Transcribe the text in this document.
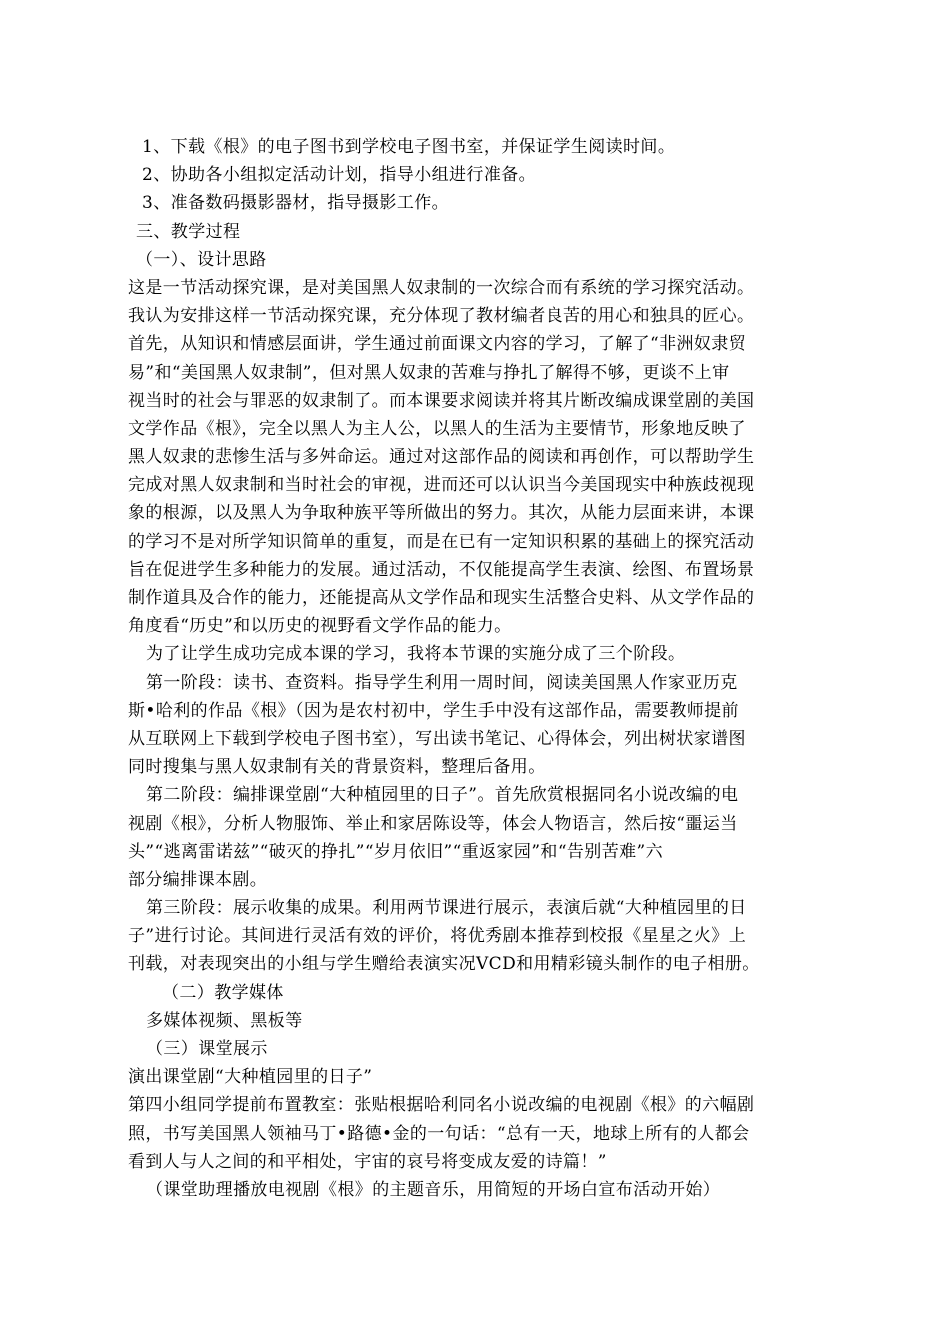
1、下载《根》的电子图书到学校电子图书室，并保证学生阅读时间。
2、协助各小组拟定活动计划，指导小组进行准备。
3、准备数码摄影器材，指导摄影工作。
三、教学过程
（一）、设计思路
这是一节活动探究课，是对美国黑人奴隶制的一次综合而有系统的学习探究活动。
我认为安排这样一节活动探究课，充分体现了教材编者良苦的用心和独具的匠心。
首先，从知识和情感层面讲，学生通过前面课文内容的学习，了解了“非洲奴隶贸
易”和“美国黑人奴隶制”，但对黑人奴隶的苦难与挣扎了解得不够，更谈不上审
视当时的社会与罪恶的奴隶制了。而本课要求阅读并将其片断改编成课堂剧的美国
文学作品《根》，完全以黑人为主人公，以黑人的生活为主要情节，形象地反映了
黑人奴隶的悲惨生活与多舛命运。通过对这部作品的阅读和再创作，可以帮助学生
完成对黑人奴隶制和当时社会的审视，进而还可以认识当今美国现实中种族歧视现
象的根源，以及黑人为争取种族平等所做出的努力。其次，从能力层面来讲，本课
的学习不是对所学知识简单的重复，而是在已有一定知识积累的基础上的探究活动
旨在促进学生多种能力的发展。通过活动，不仅能提高学生表演、绘图、布置场景
制作道具及合作的能力，还能提高从文学作品和现实生活整合史料、从文学作品的
角度看“历史”和以历史的视野看文学作品的能力。
为了让学生成功完成本课的学习，我将本节课的实施分成了三个阶段。
第一阶段：读书、查资料。指导学生利用一周时间，阅读美国黑人作家亚历克
斯•哈利的作品《根》（因为是农村初中，学生手中没有这部作品，需要教师提前
从互联网上下载到学校电子图书室），写出读书笔记、心得体会，列出树状家谱图
同时搜集与黑人奴隶制有关的背景资料，整理后备用。
第二阶段：编排课堂剧“大种植园里的日子”。首先欣赏根据同名小说改编的电
视剧《根》，分析人物服饰、举止和家居陈设等，体会人物语言，然后按“噩运当
头”“逃离雷诺兹”“破灭的挣扎”“岁月依旧”“重返家园”和“告别苦难”六
部分编排课本剧。
第三阶段：展示收集的成果。利用两节课进行展示，表演后就“大种植园里的日
子”进行讨论。其间进行灵活有效的评价，将优秀剧本推荐到校报《星星之火》上
刊载，对表现突出的小组与学生赠给表演实况VCD和用精彩镜头制作的电子相册。
（二）教学媒体
多媒体视频、黑板等
（三）课堂展示
演出课堂剧“大种植园里的日子”
第四小组同学提前布置教室：张贴根据哈利同名小说改编的电视剧《根》的六幅剧
照，书写美国黑人领袖马丁•路德•金的一句话：“总有一天，地球上所有的人都会
看到人与人之间的和平相处，宇宙的哀号将变成友爱的诗篇！”
（课堂助理播放电视剧《根》的主题音乐，用简短的开场白宣布活动开始）
